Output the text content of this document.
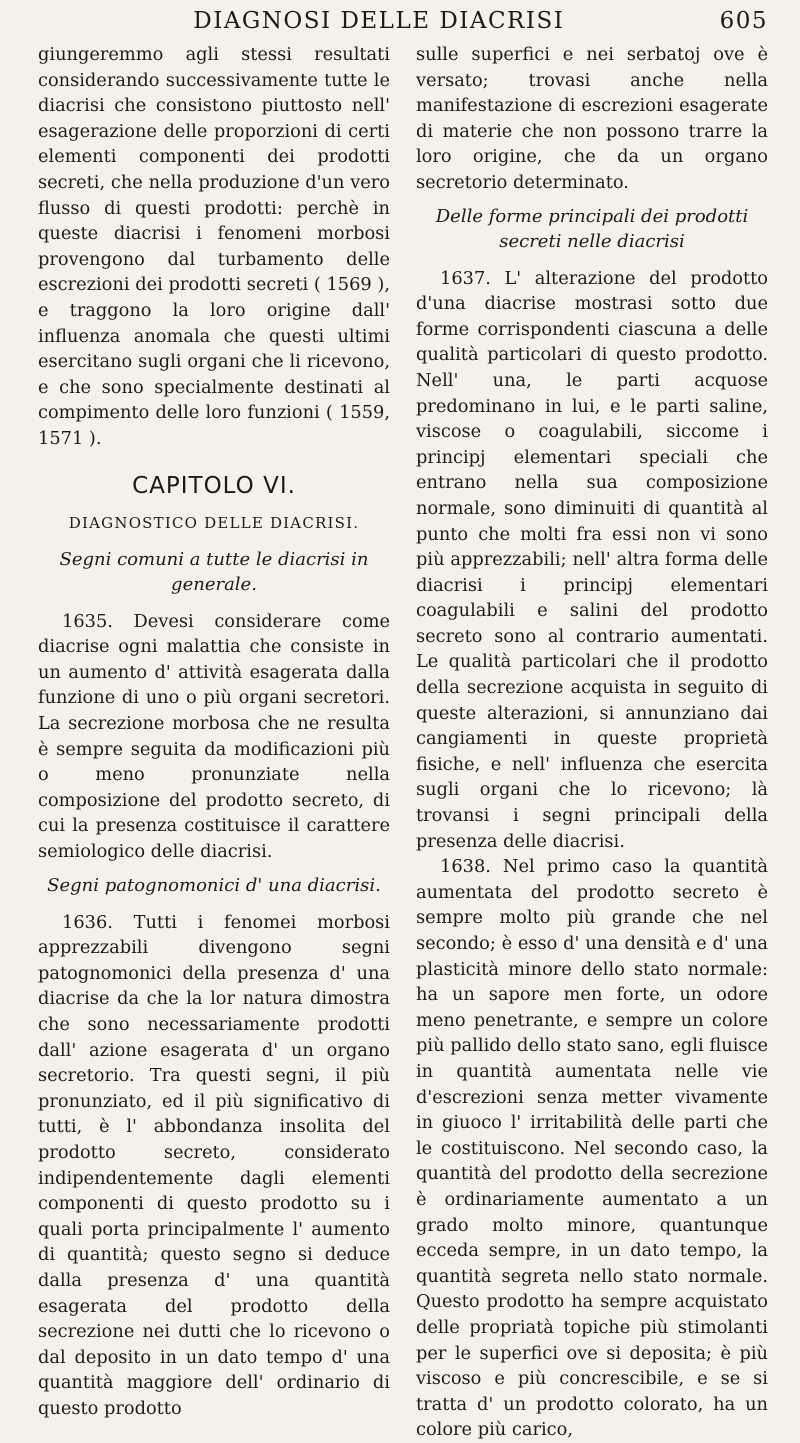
DIAGNOSI DELLE DIACRISI	605

giungeremmo agli stessi resultati considerando successivamente tutte le diacrisi che consistono piuttosto nell' esagerazione delle proporzioni di certi elementi componenti dei prodotti secreti, che nella produzione d'un vero flusso di questi prodotti: perchè in queste diacrisi i fenomeni morbosi provengono dal turbamento delle escrezioni dei prodotti secreti ( 1569 ), e traggono la loro origine dall' influenza anomala che questi ultimi esercitano sugli organi che li ricevono, e che sono specialmente destinati al compimento delle loro funzioni ( 1559, 1571 ).

CAPITOLO VI.
DIAGNOSTICO DELLE DIACRISI.
Segni comuni a tutte le diacrisi in generale.

1635. Devesi considerare come diacrise ogni malattia che consiste in un aumento d' attività esagerata dalla funzione di uno o più organi secretori. La secrezione morbosa che ne resulta è sempre seguita da modificazioni più o meno pronunziate nella composizione del prodotto secreto, di cui la presenza costituisce il carattere semiologico delle diacrisi.

Segni patognomonici d' una diacrisi.

1636. Tutti i fenomei morbosi apprezzabili divengono segni patognomonici della presenza d' una diacrise da che la lor natura dimostra che sono necessariamente prodotti dall' azione esagerata d' un organo secretorio. Tra questi segni, il più pronunziato, ed il più significativo di tutti, è l' abbondanza insolita del prodotto secreto, considerato indipendentemente dagli elementi componenti di questo prodotto su i quali porta principalmente l' aumento di quantità; questo segno si deduce dalla presenza d' una quantità esagerata del prodotto della secrezione nei dutti che lo ricevono o dal deposito in un dato tempo d' una quantità maggiore dell' ordinario di questo prodotto

sulle superfici e nei serbatoj ove è versato; trovasi anche nella manifestazione di escrezioni esagerate di materie che non possono trarre la loro origine, che da un organo secretorio determinato.

Delle forme principali dei prodotti secreti nelle diacrisi

1637. L' alterazione del prodotto d'una diacrise mostrasi sotto due forme corrispondenti ciascuna a delle qualità particolari di questo prodotto. Nell' una, le parti acquose predominano in lui, e le parti saline, viscose o coagulabili, siccome i principj elementari speciali che entrano nella sua composizione normale, sono diminuiti di quantità al punto che molti fra essi non vi sono più apprezzabili; nell' altra forma delle diacrisi i principj elementari coagulabili e salini del prodotto secreto sono al contrario aumentati. Le qualità particolari che il prodotto della secrezione acquista in seguito di queste alterazioni, si annunziano dai cangiamenti in queste proprietà fisiche, e nell' influenza che esercita sugli organi che lo ricevono; là trovansi i segni principali della presenza delle diacrisi.

1638. Nel primo caso la quantità aumentata del prodotto secreto è sempre molto più grande che nel secondo; è esso d' una densità e d' una plasticità minore dello stato normale: ha un sapore men forte, un odore meno penetrante, e sempre un colore più pallido dello stato sano, egli fluisce in quantità aumentata nelle vie d'escrezioni senza metter vivamente in giuoco l' irritabilità delle parti che le costituiscono. Nel secondo caso, la quantità del prodotto della secrezione è ordinariamente aumentato a un grado molto minore, quantunque ecceda sempre, in un dato tempo, la quantità segreta nello stato normale. Questo prodotto ha sempre acquistato delle propriatà topiche più stimolanti per le superfici ove si deposita; è più viscoso e più concrescibile, e se si tratta d' un prodotto colorato, ha un colore più carico,
